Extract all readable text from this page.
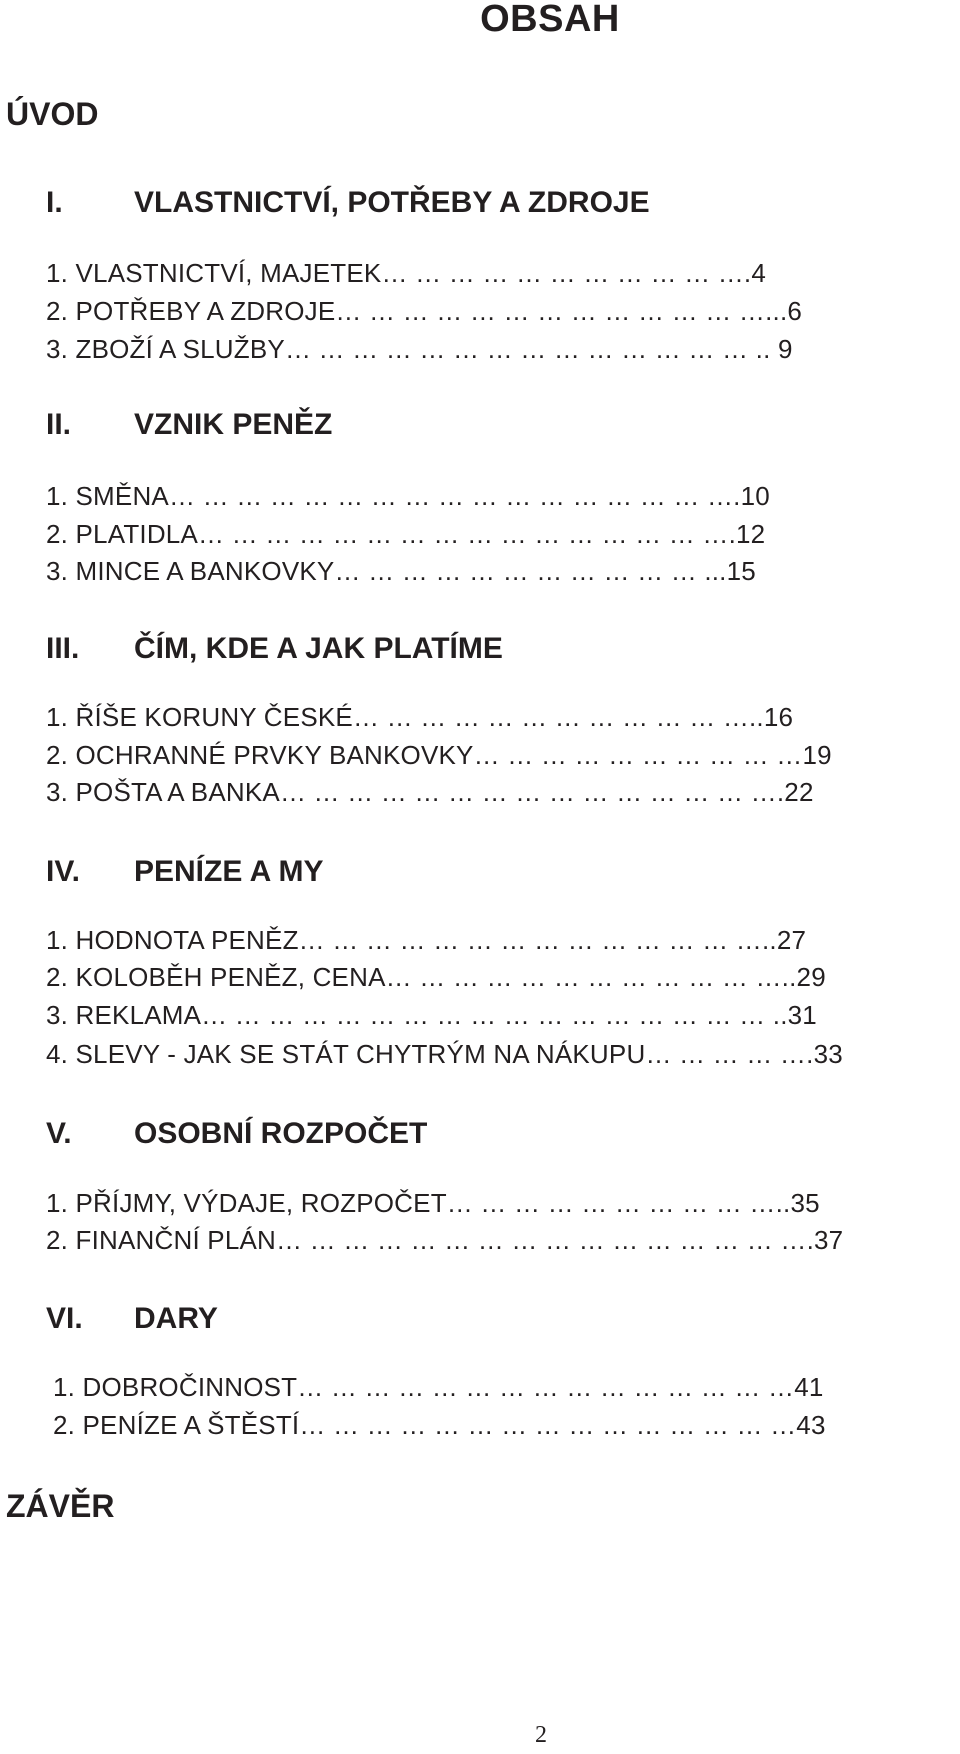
OBSAH
ÚVOD
I. VLASTNICTVÍ, POTŘEBY A ZDROJE
1. VLASTNICTVÍ, MAJETEK… … … … … … … … … … ….4
2. POTŘEBY A ZDROJE… … … … … … … … … … … … …...6
3. ZBOŽÍ A SLUŽBY… … … … … … … … … … … … … … .. 9
II. VZNIK PENĚZ
1. SMĚNA… … … … … … … … … … … … … … … … ….10
2. PLATIDLA… … … … … … … … … … … … … … … ….12
3. MINCE A BANKOVKY… … … … … … … … … … … ...15
III. ČÍM, KDE A JAK PLATÍME
1. ŘÍŠE KORUNY ČESKÉ… … … … … … … … … … … …..16
2. OCHRANNÉ PRVKY BANKOVKY… … … … … … … … … …19
3. POŠTA A BANKA… … … … … … … … … … … … … … ….22
IV. PENÍZE A MY
1. HODNOTA PENĚZ… … … … … … … … … … … … … …..27
2. KOLOBĚH PENĚZ, CENA… … … … … … … … … … … …..29
3. REKLAMA… … … … … … … … … … … … … … … … … ..31
4. SLEVY - JAK SE STÁT CHYTRÝM NA NÁKUPU… … … … ….33
V. OSOBNÍ ROZPOČET
1. PŘÍJMY, VÝDAJE, ROZPOČET… … … … … … … … … …..35
2. FINANČNÍ PLÁN… … … … … … … … … … … … … … … ….37
VI. DARY
1. DOBROČINNOST… … … … … … … … … … … … … … …41
2. PENÍZE A ŠTĚSTÍ… … … … … … … … … … … … … … …43
ZÁVĚR
2
